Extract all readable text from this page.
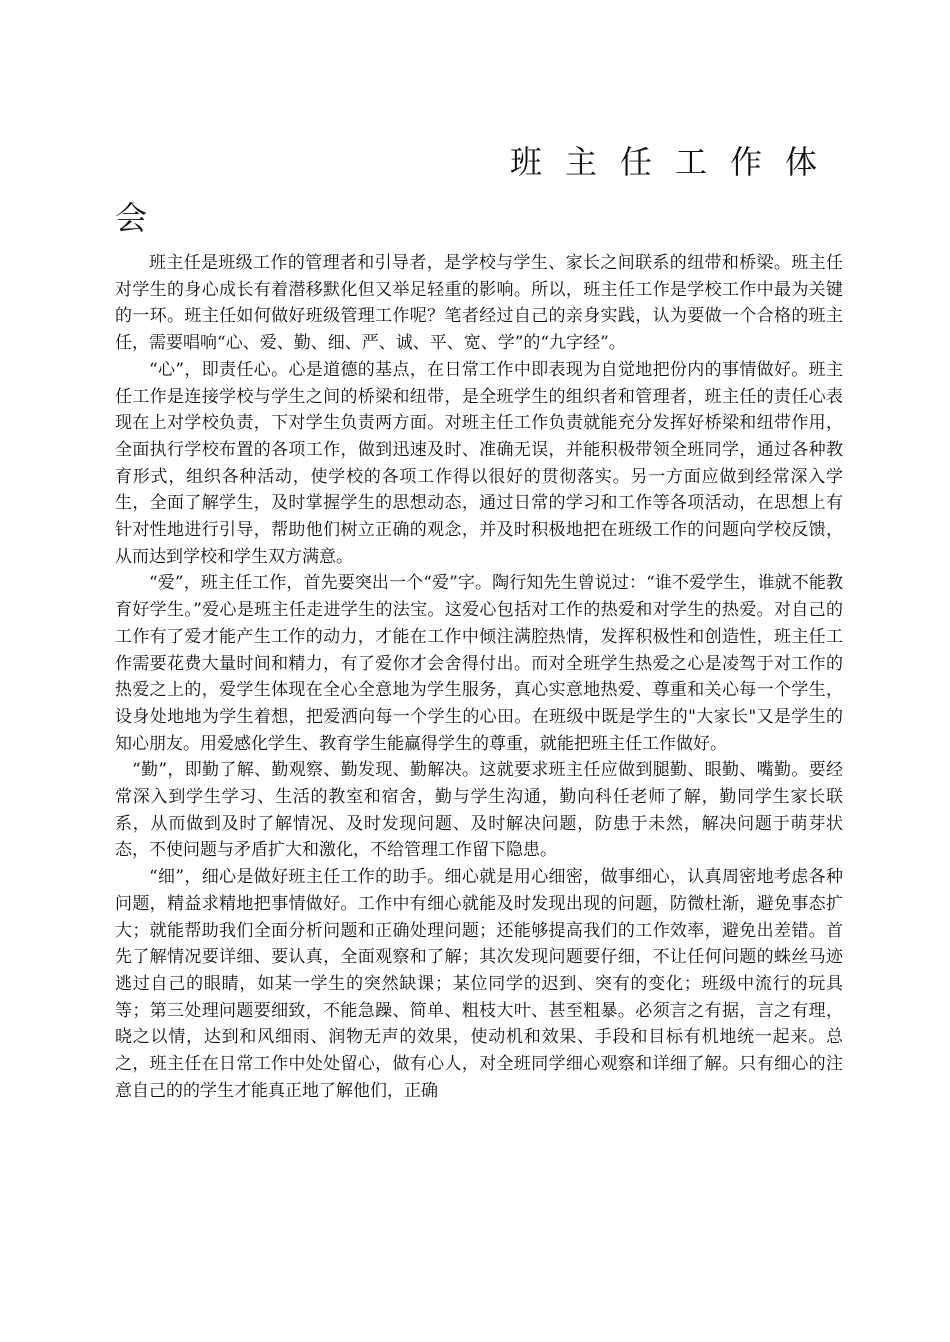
班主任工作体
会

班主任是班级工作的管理者和引导者，是学校与学生、家长之间联系的纽带和桥梁。班主任对学生的身心成长有着潜移默化但又举足轻重的影响。所以，班主任工作是学校工作中最为关键的一环。班主任如何做好班级管理工作呢？笔者经过自己的亲身实践，认为要做一个合格的班主任，需要唱响“心、爱、勤、细、严、诚、平、宽、学”的“九字经”。

“心”，即责任心。心是道德的基点，在日常工作中即表现为自觉地把份内的事情做好。班主任工作是连接学校与学生之间的桥梁和纽带，是全班学生的组织者和管理者，班主任的责任心表现在上对学校负责，下对学生负责两方面。对班主任工作负责就能充分发挥好桥梁和纽带作用，全面执行学校布置的各项工作，做到迅速及时、准确无误，并能积极带领全班同学，通过各种教育形式，组织各种活动，使学校的各项工作得以很好的贯彻落实。另一方面应做到经常深入学生，全面了解学生，及时掌握学生的思想动态，通过日常的学习和工作等各项活动，在思想上有针对性地进行引导，帮助他们树立正确的观念，并及时积极地把在班级工作的问题向学校反馈，从而达到学校和学生双方满意。

“爱”，班主任工作，首先要突出一个“爱”字。陶行知先生曾说过：“谁不爱学生，谁就不能教育好学生。”爱心是班主任走进学生的法宝。这爱心包括对工作的热爱和对学生的热爱。对自己的工作有了爱才能产生工作的动力，才能在工作中倾注满腔热情，发挥积极性和创造性，班主任工作需要花费大量时间和精力，有了爱你才会舍得付出。而对全班学生热爱之心是凌驾于对工作的热爱之上的，爱学生体现在全心全意地为学生服务，真心实意地热爱、尊重和关心每一个学生，设身处地地为学生着想，把爱洒向每一个学生的心田。在班级中既是学生的"大家长"又是学生的知心朋友。用爱感化学生、教育学生能赢得学生的尊重，就能把班主任工作做好。

“勤”，即勤了解、勤观察、勤发现、勤解决。这就要求班主任应做到腿勤、眼勤、嘴勤。要经常深入到学生学习、生活的教室和宿舍，勤与学生沟通，勤向科任老师了解，勤同学生家长联系，从而做到及时了解情况、及时发现问题、及时解决问题，防患于未然，解决问题于萌芽状态，不使问题与矛盾扩大和激化，不给管理工作留下隐患。

“细”，细心是做好班主任工作的助手。细心就是用心细密，做事细心，认真周密地考虑各种问题，精益求精地把事情做好。工作中有细心就能及时发现出现的问题，防微杜渐，避免事态扩大；就能帮助我们全面分析问题和正确处理问题；还能够提高我们的工作效率，避免出差错。首先了解情况要详细、要认真，全面观察和了解；其次发现问题要仔细，不让任何问题的蛛丝马迹逃过自己的眼睛，如某一学生的突然缺课；某位同学的迟到、突有的变化；班级中流行的玩具等；第三处理问题要细致，不能急躁、简单、粗枝大叶、甚至粗暴。必须言之有据，言之有理，晓之以情，达到和风细雨、润物无声的效果，使动机和效果、手段和目标有机地统一起来。总之，班主任在日常工作中处处留心，做有心人，对全班同学细心观察和详细了解。只有细心的注意自己的的学生才能真正地了解他们，正确
